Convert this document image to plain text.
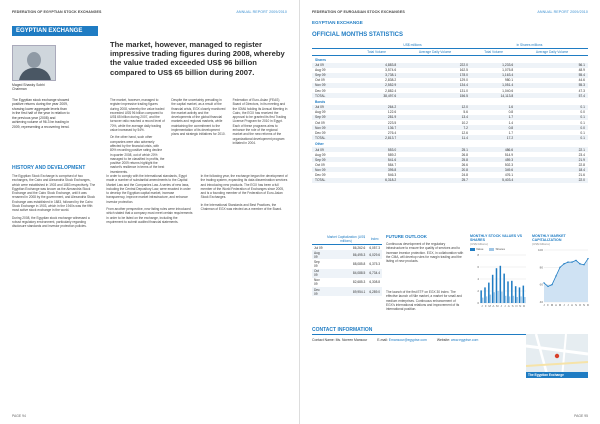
FEDERATION OF EGYPTIAN STOCK EXCHANGES	ANNUAL REPORT 2009/2010
EGYPTIAN EXCHANGE
Maged Shawky Sobhi
Chairman
The Egyptian stock exchange showed positive returns during the year 2009, showing lower aggregate levels than in the first half of the year in relation to the previous year (2008) and achieving volume of 96.3 bn trading in 2009, representing a recovering trend.
The market, however, managed to register impressive trading figures during 2008, whereby the value traded exceeded US$ 96 billion compared to US$ 65 billion during 2007.

The market, however, managed to register impressive trading figures during 2008, whereby the value traded exceeded US$ 96 billion compared to US$ 65 billion during 2007, and the turnover ratio reached a record level of 70%, while the average daily trading value increased by 54%.

On the other hand, such other companies were also adversely affected by the financial crisis, with 80% recording positive rating decline in quarter 2008, out of which 20% managed to be classified in profits, the positive 2009 returns highlight the market's resilience in terms of the best investments.

Despite the uncertainty prevailing in the capital market, as a result of the financial crisis, EGX closely monitored the market activity and the developments of the global financial markets and regional markets, while maintaining the commitment to the implementation of its development plans and strategic initiatives for 2010.

Federation of Euro-Asian (FEAS) Board of Directors, in its meeting and the IOMA holding its Annual Meeting in Cairo, the EGX has received the approval to be granted its first Trading License Program for 2010 in Egypt. Each of these programs aims to enhance the role of the regional market and the new reforms of the organizational development program initiated in 2004.

HISTORY AND DEVELOPMENT

The Egyptian Stock Exchange is comprised of two exchanges, the Cairo and Alexandria Stock Exchanges, which were established in 1903 and 1883 respectively. The Egyptian Exchange was known as the Alexandria Stock Exchange and the Cairo Stock Exchange, until it was renamed in 2008 by the government, and Alexandria Stock Exchange was established in 1883, followed by the Cairo Stock Exchange in 1903, which in the 1940s was the fifth most active stock exchange in the world.

During 2008, the Egyptian stock exchange witnessed a robust regulatory environment, particularly regarding disclosure standards and investor protection policies.

In order to comply with the international standards, Egypt made a number of substantial amendments to the Capital Market Law and the Companies Law. A series of new laws, including the Central Depository Law, were enacted in order to develop the Egyptian capital market, increase transparency, improve market infrastructure, and enhance investor protection.

From another perspective, new listing rules were introduced which stated that a company must meet certain requirements in order to be listed on the exchange, including the requirement to submit audited financial statements.

In the following year, the exchange began the development of the trading system, expanding its data dissemination services and introducing new products. The EGX has been a full member of the World Federation of Exchanges since 2005, and is a founding member of the Federation of Euro-Asian Stock Exchanges.

In the International Standards and Best Practices, the Chairman of EGX was elected as a member of the Board.

PAGE 94
FEDERATION OF EUROASIAN STOCK EXCHANGES	ANNUAL REPORT 2009/2010
EGYPTIAN EXCHANGE
OFFICIAL MONTHS STATISTICS
	US$ millions		in Shares millions	
	Total Volume	Average Daily Volume	Total Volume	Average Daily Volume
Shares				
Jul 09	4,883.8	222.0	1,233.6	56.1
Aug 09	3,574.6	162.5	1,075.8	48.9
Sep 09	3,738.1	178.0	1,163.4	55.4
Oct 09	2,838.2	129.0	980.1	44.6
Nov 09	2,552.9	134.4	1,051.4	55.3
Dec 09	2,882.4	131.0	1,040.6	47.3
TOTAL	38,497.6	156.5	14,113.8	57.4
Bonds				
Jul 09	264.2	12.0	1.6	0.1
Aug 09	122.6	5.6	0.8	0.0
Sep 09	281.9	13.4	1.7	0.1
Oct 09	223.5	10.2	1.4	0.1
Nov 09	136.7	7.2	0.8	0.0
Dec 09	276.4	12.6	1.7	0.1
TOTAL	2,813.7	11.4	17.2	0.1
Other				
Jul 09	553.0	25.1	486.6	22.1
Aug 09	589.2	26.8	514.9	23.4
Sep 09	541.6	25.8	459.3	21.9
Oct 09	584.7	26.6	502.3	22.8
Nov 09	395.8	20.8	349.6	18.4
Dec 09	546.3	24.8	476.1	21.6
TOTAL	6,318.2	25.7	5,403.4	22.0
	Market Capitalization (US$ millions)	Index
Jul 09	86,262.6	6,057.3
Aug 09	86,495.3	6,029.6
Sep 09	88,085.8	6,375.3
Oct 09	84,088.5	6,734.4
Nov 09	82,685.3	6,308.8
Dec 09	89,954.1	6,289.0
FUTURE OUTLOOK
Continuous development of the regulatory infrastructure to ensure the quality of services and to increase investor protection. EGX, in collaboration with the CMA, will develop rules for margin trading and the listing of new products.
The launch of the first ETF on EGX 30 index. The effective launch of Nile market, a market for small and medium enterprises. Continuous enhancement of EGX's international relations and improvement of its international position.
MONTHLY STOCK VALUES VS SHARES
(US$ billions)
Value	Shares
8
6
4
2
0
J F M A M J J A S O N D
MONTHLY MARKET CAPITALIZATION
(US$ billions)
100
80
60
40
J F M A M J J A S O N D
CONTACT INFORMATION
Contact Name: Ms. Noreen Mansour	E-mail: Emansour@egyptse.com	Website: www.egyptse.com
The Egyptian Exchange
PAGE 95
